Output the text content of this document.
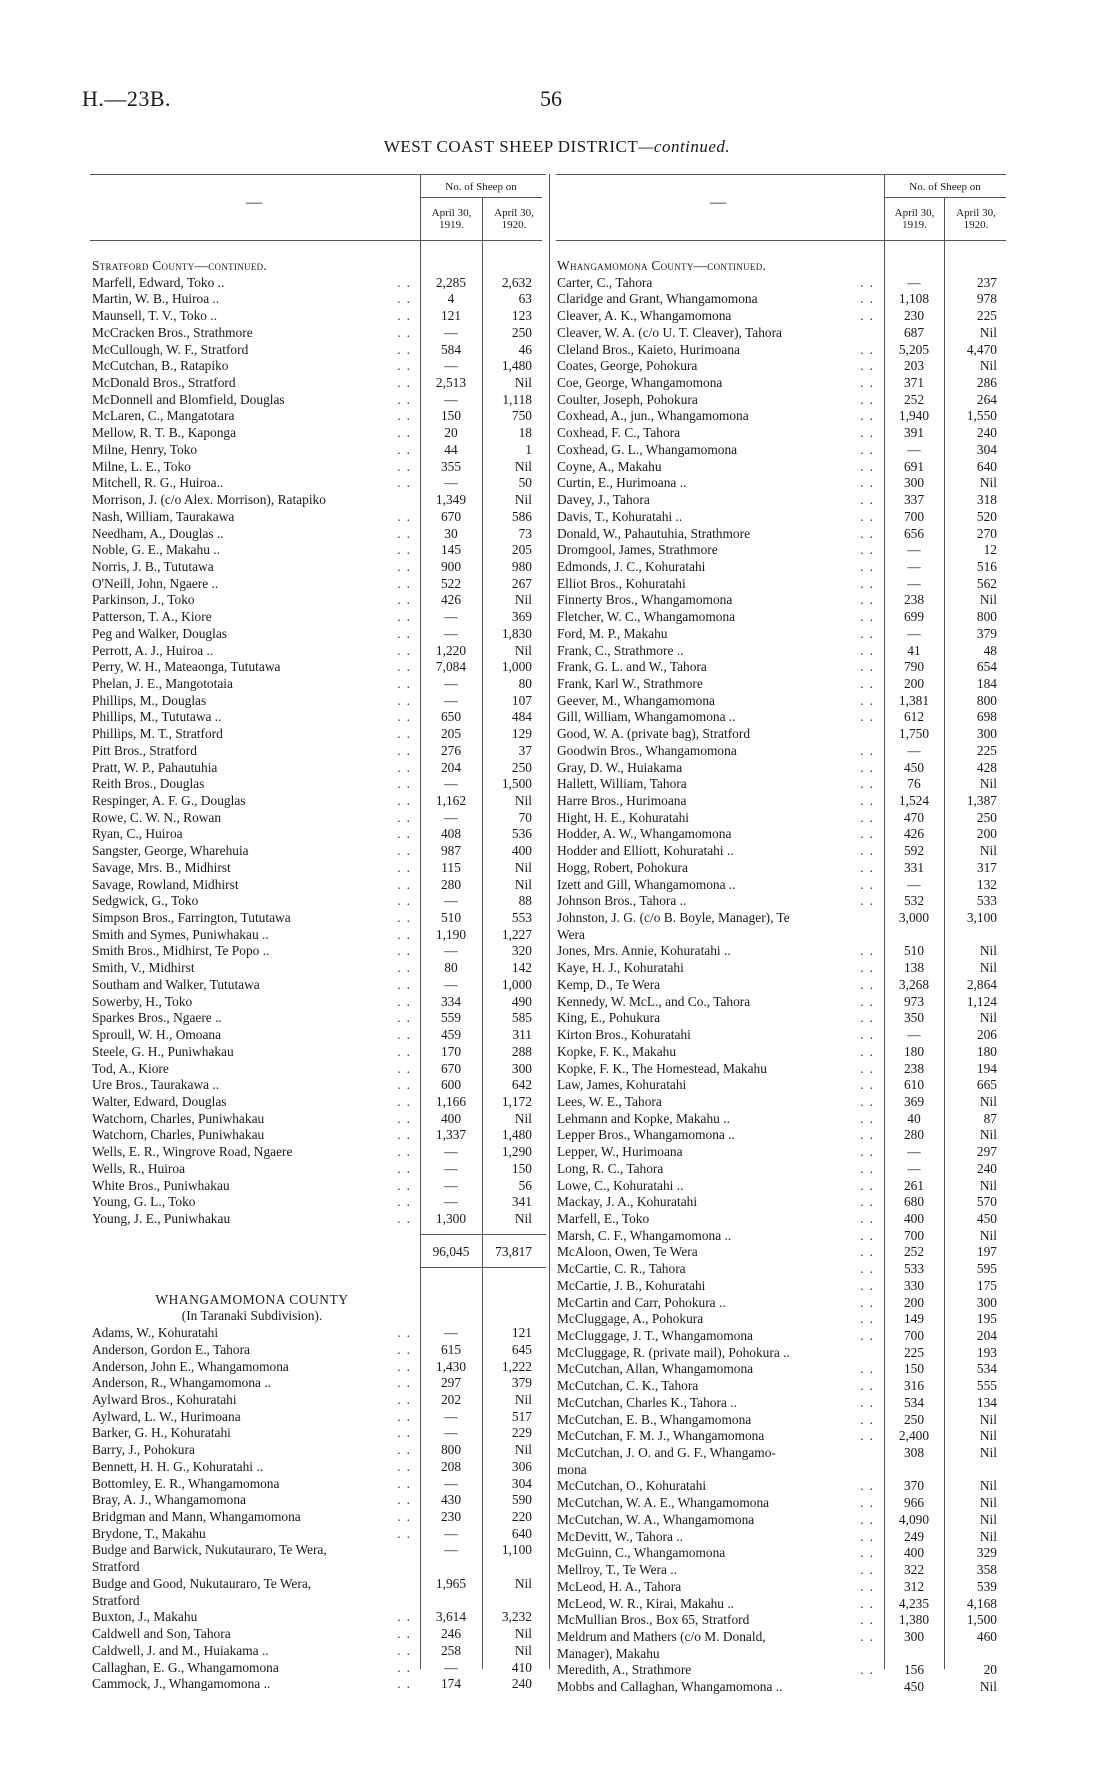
H.—23B.	56
WEST COAST SHEEP DISTRICT—continued.
—	—
No. of Sheep on
April 30, 1919.
April 30, 1920.
No. of Sheep on
April 30, 1919.
April 30, 1920.
Stratford County—continued.
Marfell, Edward, Toko ..	..	2,285	2,632
Martin, W. B., Huiroa ..	..	4	63
Maunsell, T. V., Toko ..	..	121	123
McCracken Bros., Strathmore	..	—	250
McCullough, W. F., Stratford	..	584	46
McCutchan, B., Ratapiko	..	—	1,480
McDonald Bros., Stratford	..	2,513	Nil
McDonnell and Blomfield, Douglas	..	—	1,118
McLaren, C., Mangatotara	..	150	750
Mellow, R. T. B., Kaponga	..	20	18
Milne, Henry, Toko	..	44	1
Milne, L. E., Toko	..	355	Nil
Mitchell, R. G., Huiroa..	..	—	50
Morrison, J. (c/o Alex. Morrison), Ratapiko	1,349	Nil
Nash, William, Taurakawa	..	670	586
Needham, A., Douglas ..	..	30	73
Noble, G. E., Makahu ..	..	145	205
Norris, J. B., Tututawa	..	900	980
O'Neill, John, Ngaere ..	..	522	267
Parkinson, J., Toko	..	426	Nil
Patterson, T. A., Kiore	..	—	369
Peg and Walker, Douglas	..	—	1,830
Perrott, A. J., Huiroa ..	..	1,220	Nil
Perry, W. H., Mateaonga, Tututawa	..	7,084	1,000
Phelan, J. E., Mangototaia	..	—	80
Phillips, M., Douglas	..	—	107
Phillips, M., Tututawa ..	..	650	484
Phillips, M. T., Stratford	..	205	129
Pitt Bros., Stratford	..	276	37
Pratt, W. P., Pahautuhia	..	204	250
Reith Bros., Douglas	..	—	1,500
Respinger, A. F. G., Douglas	..	1,162	Nil
Rowe, C. W. N., Rowan	..	—	70
Ryan, C., Huiroa	..	408	536
Sangster, George, Wharehuia	..	987	400
Savage, Mrs. B., Midhirst	..	115	Nil
Savage, Rowland, Midhirst	..	280	Nil
Sedgwick, G., Toko	..	—	88
Simpson Bros., Farrington, Tututawa	..	510	553
Smith and Symes, Puniwhakau ..	..	1,190	1,227
Smith Bros., Midhirst, Te Popo ..	..	—	320
Smith, V., Midhirst	..	80	142
Southam and Walker, Tututawa	..	—	1,000
Sowerby, H., Toko	..	334	490
Sparkes Bros., Ngaere ..	..	559	585
Sproull, W. H., Omoana	..	459	311
Steele, G. H., Puniwhakau	..	170	288
Tod, A., Kiore	..	670	300
Ure Bros., Taurakawa ..	..	600	642
Walter, Edward, Douglas	..	1,166	1,172
Watchorn, Charles, Puniwhakau	..	400	Nil
Watchorn, Charles, Puniwhakau	..	1,337	1,480
Wells, E. R., Wingrove Road, Ngaere	..	—	1,290
Wells, R., Huiroa	..	—	150
White Bros., Puniwhakau	..	—	56
Young, G. L., Toko	..	—	341
Young, J. E., Puniwhakau	..	1,300	Nil
96,045	73,817
WHANGAMOMONA COUNTY
(In Taranaki Subdivision).
Adams, W., Kohuratahi	..	—	121
Anderson, Gordon E., Tahora	..	615	645
Anderson, John E., Whangamomona	..	1,430	1,222
Anderson, R., Whangamomona ..	..	297	379
Aylward Bros., Kohuratahi	..	202	Nil
Aylward, L. W., Hurimoana	..	—	517
Barker, G. H., Kohuratahi	..	—	229
Barry, J., Pohokura	..	800	Nil
Bennett, H. H. G., Kohuratahi ..	..	208	306
Bottomley, E. R., Whangamomona	..	—	304
Bray, A. J., Whangamomona	..	430	590
Bridgman and Mann, Whangamomona	..	230	220
Brydone, T., Makahu	..	—	640
Budge and Barwick, Nukutauraro, Te Wera,	—	1,100
Stratford
Budge and Good, Nukutauraro, Te Wera,	1,965	Nil
Stratford
Buxton, J., Makahu	..	3,614	3,232
Caldwell and Son, Tahora	..	246	Nil
Caldwell, J. and M., Huiakama ..	..	258	Nil
Callaghan, E. G., Whangamomona	..	—	410
Cammock, J., Whangamomona ..	..	174	240
Whangamomona County—continued.
Carter, C., Tahora	..	—	237
Claridge and Grant, Whangamomona	..	1,108	978
Cleaver, A. K., Whangamomona	..	230	225
Cleaver, W. A. (c/o U. T. Cleaver), Tahora	687	Nil
Cleland Bros., Kaieto, Hurimoana	..	5,205	4,470
Coates, George, Pohokura	..	203	Nil
Coe, George, Whangamomona	..	371	286
Coulter, Joseph, Pohokura	..	252	264
Coxhead, A., jun., Whangamomona	..	1,940	1,550
Coxhead, F. C., Tahora	..	391	240
Coxhead, G. L., Whangamomona	..	—	304
Coyne, A., Makahu	..	691	640
Curtin, E., Hurimoana ..	..	300	Nil
Davey, J., Tahora	..	337	318
Davis, T., Kohuratahi ..	..	700	520
Donald, W., Pahautuhia, Strathmore	..	656	270
Dromgool, James, Strathmore	..	—	12
Edmonds, J. C., Kohuratahi	..	—	516
Elliot Bros., Kohuratahi	..	—	562
Finnerty Bros., Whangamomona	..	238	Nil
Fletcher, W. C., Whangamomona	..	699	800
Ford, M. P., Makahu	..	—	379
Frank, C., Strathmore ..	..	41	48
Frank, G. L. and W., Tahora	..	790	654
Frank, Karl W., Strathmore	..	200	184
Geever, M., Whangamomona	..	1,381	800
Gill, William, Whangamomona ..	..	612	698
Good, W. A. (private bag), Stratford	1,750	300
Goodwin Bros., Whangamomona	..	—	225
Gray, D. W., Huiakama	..	450	428
Hallett, William, Tahora	..	76	Nil
Harre Bros., Hurimoana	..	1,524	1,387
Hight, H. E., Kohuratahi	..	470	250
Hodder, A. W., Whangamomona	..	426	200
Hodder and Elliott, Kohuratahi ..	..	592	Nil
Hogg, Robert, Pohokura	..	331	317
Izett and Gill, Whangamomona ..	..	—	132
Johnson Bros., Tahora ..	..	532	533
Johnston, J. G. (c/o B. Boyle, Manager), Te	3,000	3,100
Wera
Jones, Mrs. Annie, Kohuratahi ..	..	510	Nil
Kaye, H. J., Kohuratahi	..	138	Nil
Kemp, D., Te Wera	..	3,268	2,864
Kennedy, W. McL., and Co., Tahora	..	973	1,124
King, E., Pohukura	..	350	Nil
Kirton Bros., Kohuratahi	..	—	206
Kopke, F. K., Makahu	..	180	180
Kopke, F. K., The Homestead, Makahu	..	238	194
Law, James, Kohuratahi	..	610	665
Lees, W. E., Tahora	..	369	Nil
Lehmann and Kopke, Makahu ..	..	40	87
Lepper Bros., Whangamomona ..	..	280	Nil
Lepper, W., Hurimoana	..	—	297
Long, R. C., Tahora	..	—	240
Lowe, C., Kohuratahi ..	..	261	Nil
Mackay, J. A., Kohuratahi	..	680	570
Marfell, E., Toko	..	400	450
Marsh, C. F., Whangamomona ..	..	700	Nil
McAloon, Owen, Te Wera	..	252	197
McCartie, C. R., Tahora	..	533	595
McCartie, J. B., Kohuratahi	..	330	175
McCartin and Carr, Pohokura ..	..	200	300
McCluggage, A., Pohokura	..	149	195
McCluggage, J. T., Whangamomona	..	700	204
McCluggage, R. (private mail), Pohokura ..	225	193
McCutchan, Allan, Whangamomona	..	150	534
McCutchan, C. K., Tahora	..	316	555
McCutchan, Charles K., Tahora ..	..	534	134
McCutchan, E. B., Whangamomona	..	250	Nil
McCutchan, F. M. J., Whangamomona	..	2,400	Nil
McCutchan, J. O. and G. F., Whangamo-	308	Nil
mona
McCutchan, O., Kohuratahi	..	370	Nil
McCutchan, W. A. E., Whangamomona	..	966	Nil
McCutchan, W. A., Whangamomona	..	4,090	Nil
McDevitt, W., Tahora ..	..	249	Nil
McGuinn, C., Whangamomona	..	400	329
Mellroy, T., Te Wera ..	..	322	358
McLeod, H. A., Tahora	..	312	539
McLeod, W. R., Kirai, Makahu ..	..	4,235	4,168
McMullian Bros., Box 65, Stratford	..	1,380	1,500
Meldrum and Mathers (c/o M. Donald,	..	300	460
Manager), Makahu
Meredith, A., Strathmore	..	156	20
Mobbs and Callaghan, Whangamomona ..	450	Nil
